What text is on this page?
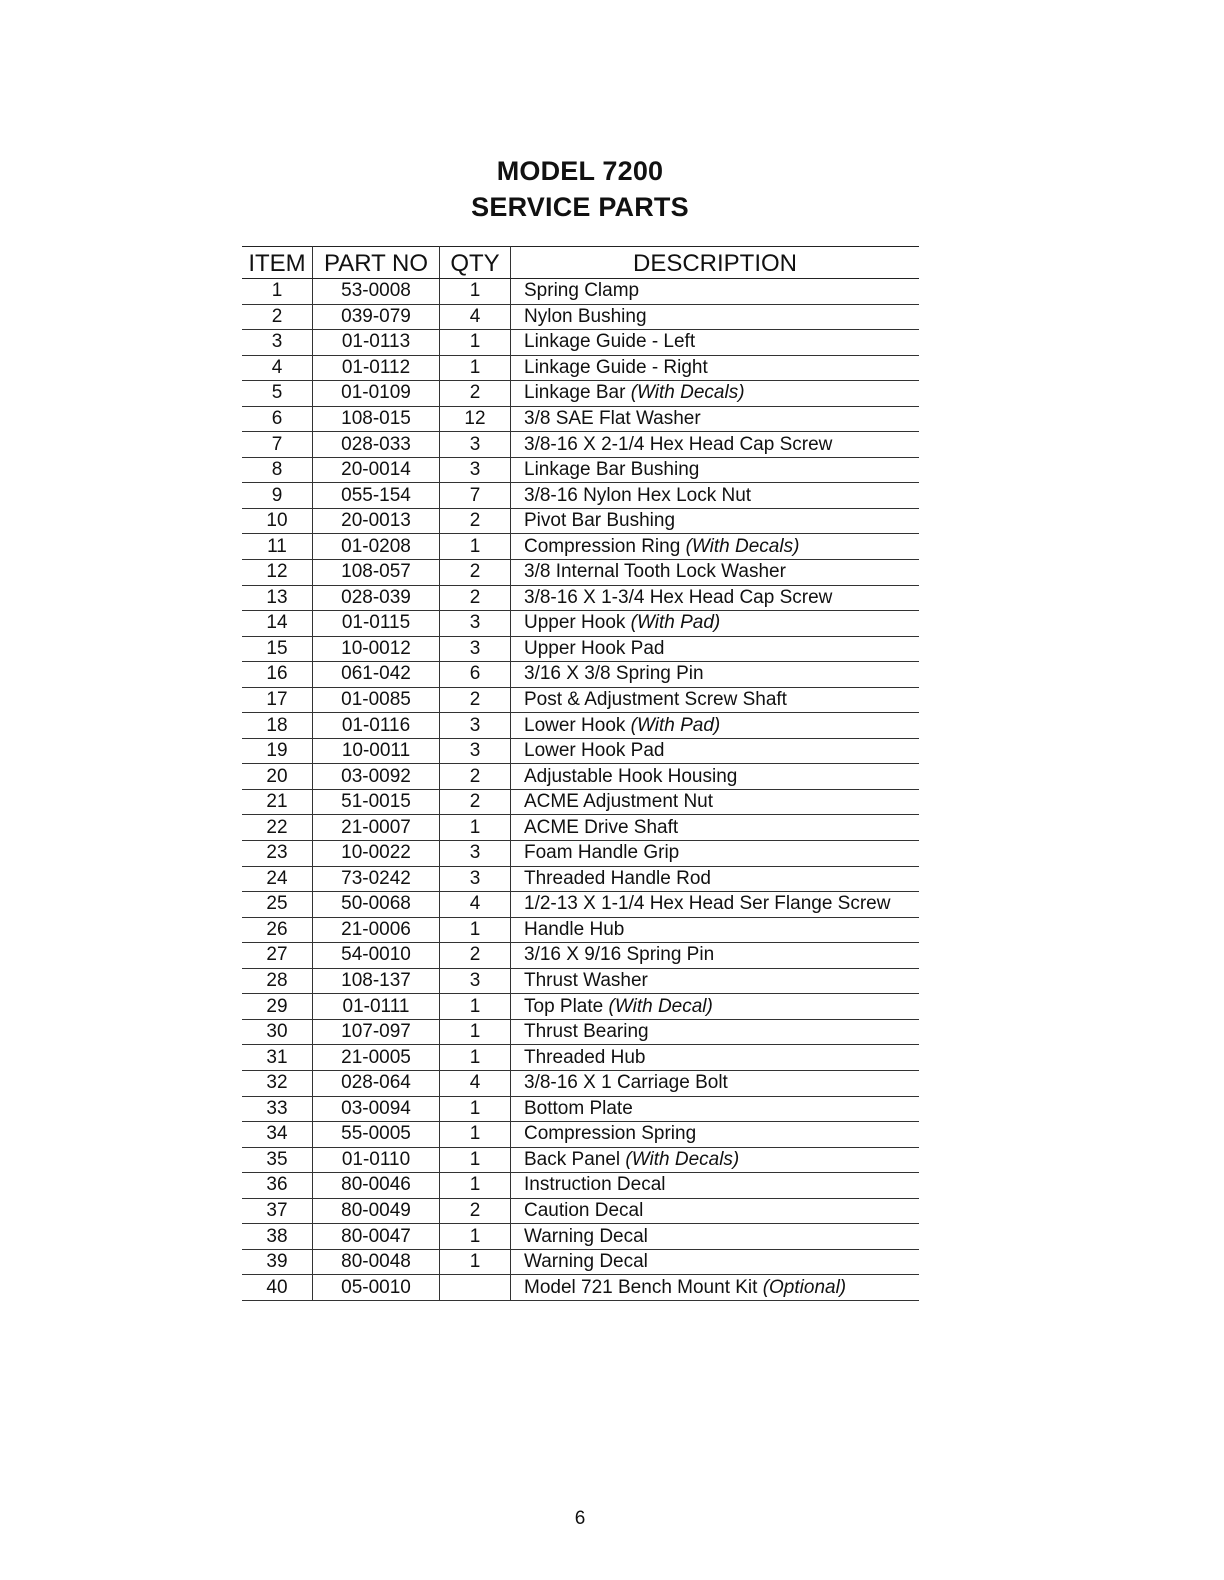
MODEL 7200
SERVICE PARTS
ITEM	PART NO	QTY	DESCRIPTION
1	53-0008	1	Spring Clamp
2	039-079	4	Nylon Bushing
3	01-0113	1	Linkage Guide - Left
4	01-0112	1	Linkage Guide - Right
5	01-0109	2	Linkage Bar (With Decals)
6	108-015	12	3/8 SAE Flat Washer
7	028-033	3	3/8-16 X 2-1/4 Hex Head Cap Screw
8	20-0014	3	Linkage Bar Bushing
9	055-154	7	3/8-16 Nylon Hex Lock Nut
10	20-0013	2	Pivot Bar Bushing
11	01-0208	1	Compression Ring (With Decals)
12	108-057	2	3/8 Internal Tooth Lock Washer
13	028-039	2	3/8-16 X 1-3/4 Hex Head Cap Screw
14	01-0115	3	Upper Hook (With Pad)
15	10-0012	3	Upper Hook Pad
16	061-042	6	3/16 X 3/8 Spring Pin
17	01-0085	2	Post & Adjustment Screw Shaft
18	01-0116	3	Lower Hook (With Pad)
19	10-0011	3	Lower Hook Pad
20	03-0092	2	Adjustable Hook Housing
21	51-0015	2	ACME Adjustment Nut
22	21-0007	1	ACME Drive Shaft
23	10-0022	3	Foam Handle Grip
24	73-0242	3	Threaded Handle Rod
25	50-0068	4	1/2-13 X 1-1/4 Hex Head Ser Flange Screw
26	21-0006	1	Handle Hub
27	54-0010	2	3/16 X 9/16 Spring Pin
28	108-137	3	Thrust Washer
29	01-0111	1	Top Plate (With Decal)
30	107-097	1	Thrust Bearing
31	21-0005	1	Threaded Hub
32	028-064	4	3/8-16 X 1 Carriage Bolt
33	03-0094	1	Bottom Plate
34	55-0005	1	Compression Spring
35	01-0110	1	Back Panel (With Decals)
36	80-0046	1	Instruction Decal
37	80-0049	2	Caution Decal
38	80-0047	1	Warning Decal
39	80-0048	1	Warning Decal
40	05-0010		Model 721 Bench Mount Kit (Optional)
6
